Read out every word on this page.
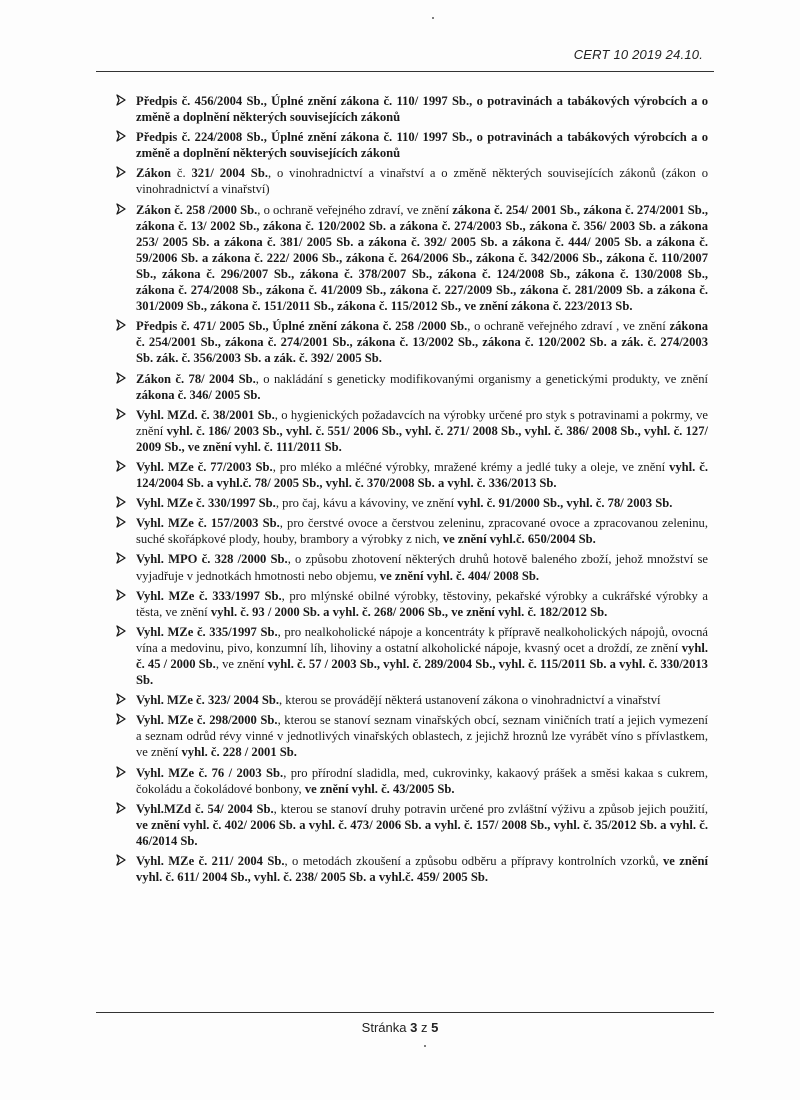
CERT 10 2019 24.10.
Předpis č. 456/2004 Sb., Úplné znění zákona č. 110/ 1997 Sb., o potravinách a tabákových výrobcích a o změně a doplnění některých souvisejících zákonů
Předpis č. 224/2008 Sb., Úplné znění zákona č. 110/ 1997 Sb., o potravinách a tabákových výrobcích a o změně a doplnění některých souvisejících zákonů
Zákon č. 321/ 2004 Sb., o vinohradnictví a vinařství a o změně některých souvisejících zákonů (zákon o vinohradnictví a vinařství)
Zákon č. 258 /2000 Sb., o ochraně veřejného zdraví, ve znění zákona č. 254/ 2001 Sb., zákona č. 274/2001 Sb., zákona č. 13/ 2002 Sb., zákona č. 120/2002 Sb. a zákona č. 274/2003 Sb., zákona č. 356/ 2003 Sb. a zákona 253/ 2005 Sb. a zákona č. 381/ 2005 Sb. a zákona č. 392/ 2005 Sb. a zákona č. 444/ 2005 Sb. a zákona č. 59/2006 Sb. a zákona č. 222/ 2006 Sb., zákona č. 264/2006 Sb., zákona č. 342/2006 Sb., zákona č. 110/2007 Sb., zákona č. 296/2007 Sb., zákona č. 378/2007 Sb., zákona č. 124/2008 Sb., zákona č. 130/2008 Sb., zákona č. 274/2008 Sb., zákona č. 41/2009 Sb., zákona č. 227/2009 Sb., zákona č. 281/2009 Sb. a zákona č. 301/2009 Sb., zákona č. 151/2011 Sb., zákona č. 115/2012 Sb., ve znění zákona č. 223/2013 Sb.
Předpis č. 471/ 2005 Sb., Úplné znění zákona č. 258 /2000 Sb., o ochraně veřejného zdraví , ve znění zákona č. 254/2001 Sb., zákona č. 274/2001 Sb., zákona č. 13/2002 Sb., zákona č. 120/2002 Sb. a zák. č. 274/2003 Sb. zák. č. 356/2003 Sb. a zák. č. 392/ 2005 Sb.
Zákon č. 78/ 2004 Sb., o nakládání s geneticky modifikovanými organismy a genetickými produkty, ve znění zákona č. 346/ 2005 Sb.
Vyhl. MZd. č. 38/2001 Sb., o hygienických požadavcích na výrobky určené pro styk s potravinami a pokrmy, ve znění vyhl. č. 186/ 2003 Sb., vyhl. č. 551/ 2006 Sb., vyhl. č. 271/ 2008 Sb., vyhl. č. 386/ 2008 Sb., vyhl. č. 127/ 2009 Sb., ve znění vyhl. č. 111/2011 Sb.
Vyhl. MZe č. 77/2003 Sb., pro mléko a mléčné výrobky, mražené krémy a jedlé tuky a oleje, ve znění vyhl. č. 124/2004 Sb. a vyhl.č. 78/ 2005 Sb., vyhl. č. 370/2008 Sb. a vyhl. č. 336/2013 Sb.
Vyhl. MZe č. 330/1997 Sb., pro čaj, kávu a kávoviny, ve znění vyhl. č. 91/2000 Sb., vyhl. č. 78/ 2003 Sb.
Vyhl. MZe č. 157/2003 Sb., pro čerstvé ovoce a čerstvou zeleninu, zpracované ovoce a zpracovanou zeleninu, suché skořápkové plody, houby, brambory a výrobky z nich, ve znění vyhl.č. 650/2004 Sb.
Vyhl. MPO č. 328 /2000 Sb., o způsobu zhotovení některých druhů hotově baleného zboží, jehož množství se vyjadřuje v jednotkách hmotnosti nebo objemu, ve znění vyhl. č. 404/ 2008 Sb.
Vyhl. MZe č. 333/1997 Sb., pro mlýnské obilné výrobky, těstoviny, pekařské výrobky a cukrářské výrobky a těsta, ve znění vyhl. č. 93 / 2000 Sb. a vyhl. č. 268/ 2006 Sb., ve znění vyhl. č. 182/2012 Sb.
Vyhl. MZe č. 335/1997 Sb., pro nealkoholické nápoje a koncentráty k přípravě nealkoholických nápojů, ovocná vína a medovinu, pivo, konzumní líh, lihoviny a ostatní alkoholické nápoje, kvasný ocet a droždí, ze znění vyhl. č. 45 / 2000 Sb., ve znění vyhl. č. 57 / 2003 Sb., vyhl. č. 289/2004 Sb., vyhl. č. 115/2011 Sb. a vyhl. č. 330/2013 Sb.
Vyhl. MZe č. 323/ 2004 Sb., kterou se provádějí některá ustanovení zákona o vinohradnictví a vinařství
Vyhl. MZe č. 298/2000 Sb., kterou se stanoví seznam vinařských obcí, seznam viničních tratí a jejich vymezení a seznam odrůd révy vinné v jednotlivých vinařských oblastech, z jejichž hroznů lze vyrábět víno s přívlastkem, ve znění vyhl. č. 228 / 2001 Sb.
Vyhl. MZe č. 76 / 2003 Sb., pro přírodní sladidla, med, cukrovinky, kakaový prášek a směsi kakaa s cukrem, čokoládu a čokoládové bonbony, ve znění vyhl. č. 43/2005 Sb.
Vyhl.MZd č. 54/ 2004 Sb., kterou se stanoví druhy potravin určené pro zvláštní výživu a způsob jejich použití, ve znění vyhl. č. 402/ 2006 Sb. a vyhl. č. 473/ 2006 Sb. a vyhl. č. 157/ 2008 Sb., vyhl. č. 35/2012 Sb. a vyhl. č. 46/2014 Sb.
Vyhl. MZe č. 211/ 2004 Sb., o metodách zkoušení a způsobu odběru a přípravy kontrolních vzorků, ve znění vyhl. č. 611/ 2004 Sb., vyhl. č. 238/ 2005 Sb. a vyhl.č. 459/ 2005 Sb.
Stránka 3 z 5
